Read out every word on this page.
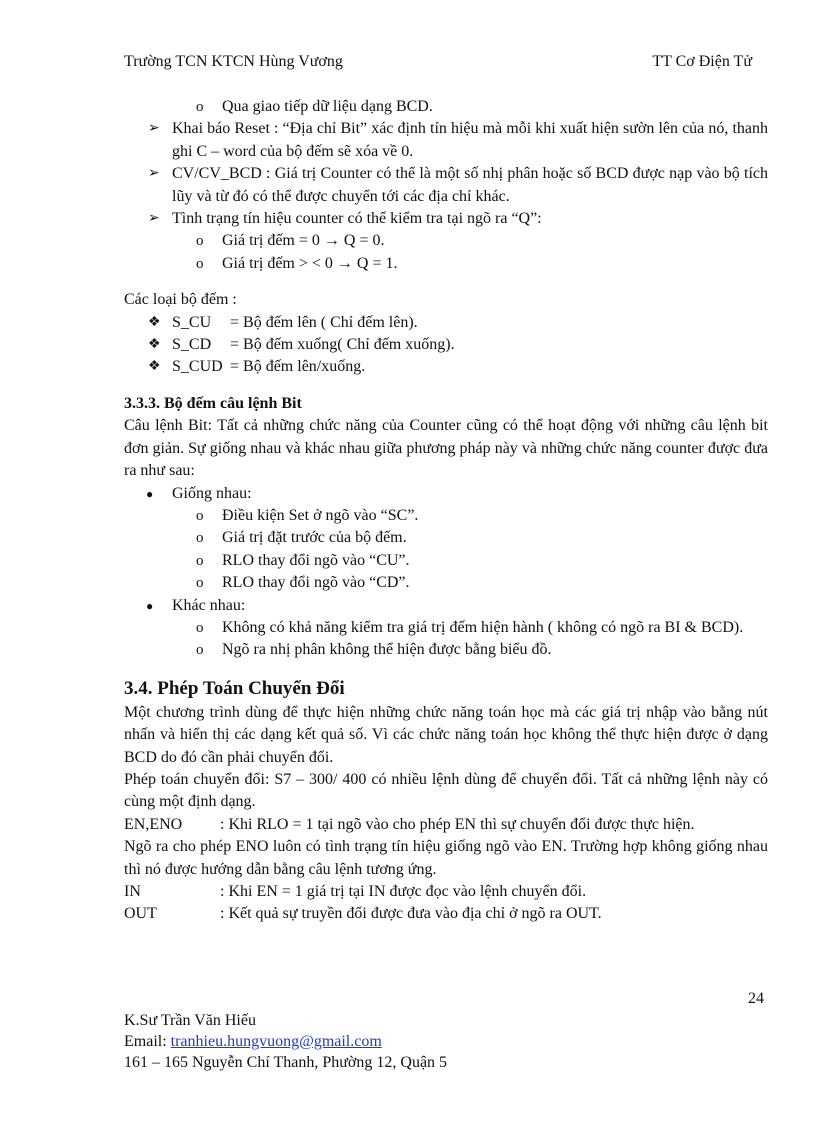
Trường TCN KTCN Hùng Vương	TT Cơ Điện Tử
o Qua giao tiếp dữ liệu dạng BCD.
➢ Khai báo Reset : “Địa chỉ Bit” xác định tín hiệu mà mỗi khi xuất hiện sườn lên của nó, thanh ghi C – word của bộ đếm sẽ xóa về 0.
➢ CV/CV_BCD : Giá trị Counter có thể là một số nhị phân hoặc số BCD được nạp vào bộ tích lũy và từ đó có thể được chuyển tới các địa chỉ khác.
➢ Tình trạng tín hiệu counter có thể kiểm tra tại ngõ ra “Q”:
o Giá trị đếm = 0 → Q = 0.
o Giá trị đếm > < 0 → Q = 1.
Các loại bộ đếm :
❖ S_CU = Bộ đếm lên ( Chỉ đếm lên).
❖ S_CD = Bộ đếm xuống( Chỉ đếm xuống).
❖ S_CUD = Bộ đếm lên/xuống.
3.3.3. Bộ đếm câu lệnh Bit
Câu lệnh Bit: Tất cả những chức năng của Counter cũng có thể hoạt động với những câu lệnh bit đơn giản. Sự giống nhau và khác nhau giữa phương pháp này và những chức năng counter được đưa ra như sau:
● Giống nhau:
o Điều kiện Set ở ngõ vào “SC”.
o Giá trị đặt trước của bộ đếm.
o RLO thay đổi ngõ vào “CU”.
o RLO thay đổi ngõ vào “CD”.
● Khác nhau:
o Không có khả năng kiểm tra giá trị đếm hiện hành ( không có ngõ ra BI & BCD).
o Ngõ ra nhị phân không thể hiện được bằng biểu đồ.
3.4. Phép Toán Chuyển Đổi
Một chương trình dùng để thực hiện những chức năng toán học mà các giá trị nhập vào bằng nút nhấn và hiển thị các dạng kết quả số. Vì các chức năng toán học không thể thực hiện được ở dạng BCD do đó cần phải chuyển đổi.
Phép toán chuyển đổi: S7 – 300/ 400 có nhiều lệnh dùng để chuyển đổi. Tất cả những lệnh này có cùng một định dạng.
EN,ENO	: Khi RLO = 1 tại ngõ vào cho phép EN thì sự chuyển đổi được thực hiện.
Ngõ ra cho phép ENO luôn có tình trạng tín hiệu giống ngõ vào EN. Trường hợp không giống nhau thì nó được hướng dẫn bằng câu lệnh tương ứng.
IN	: Khi EN = 1 giá trị tại IN được đọc vào lệnh chuyển đổi.
OUT	: Kết quả sự truyền đổi được đưa vào địa chỉ ở ngõ ra OUT.
24
K.Sư Trần Văn Hiếu
Email: tranhieu.hungvuong@gmail.com
161 – 165 Nguyễn Chí Thanh, Phường 12, Quận 5
